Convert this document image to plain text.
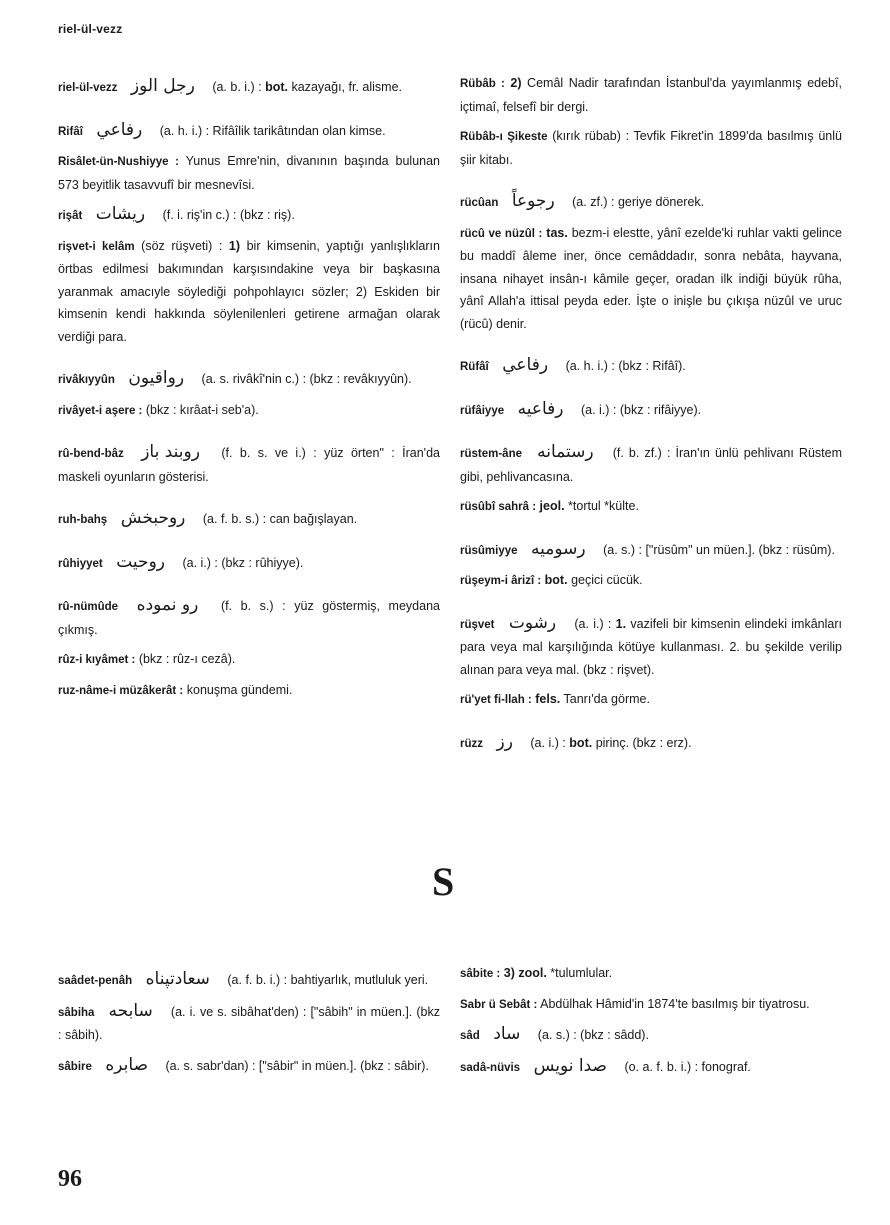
riel-ül-vezz
riel-ül-vezz رجل الوز (a. b. i.) : bot. kazayağı, fr. alisme.
Rifâî رفاعي (a. h. i.) : Rifâîlik tarikâtından olan kimse.
Risâlet-ün-Nushiyye : Yunus Emre'nin, divanının başında bulunan 573 beyitlik tasavvufî bir mesnevîsi.
rişât ريشات (f. i. riş'in c.) : (bkz : riş).
rişvet-i kelâm (söz rüşveti) : 1) bir kimsenin, yaptığı yanlışlıkların örtbas edilmesi bakımından karşısındakine veya bir başkasına yaranmak amacıyle söylediği pohpohlayıcı sözler; 2) Eskiden bir kimsenin kendi hakkında söylenilenleri getirene armağan olarak verdiği para.
rivâkıyyûn رواقيون (a. s. rivâkî'nin c.) : (bkz : revâkıyyûn).
rivâyet-i aşere : (bkz : kırâat-i seb'a).
rû-bend-bâz روبند باز (f. b. s. ve i.) : yüz örten" : İran'da maskeli oyunların gösterisi.
ruh-bahş روحبخش (a. f. b. s.) : can bağışlayan.
rûhiyyet روحيت (a. i.) : (bkz : rûhiyye).
rû-nümûde رو نموده (f. b. s.) : yüz göstermiş, meydana çıkmış.
rûz-i kıyâmet : (bkz : rûz-ı cezâ).
ruz-nâme-i müzâkerât : konuşma gündemi.
Rübâb : 2) Cemâl Nadir tarafından İstanbul'da yayımlanmış edebî, içtimaî, felsefî bir dergi.
Rübâb-ı Şikeste (kırık rübab) : Tevfik Fikret'in 1899'da basılmış ünlü şiir kitabı.
rücûan رجوعاً (a. zf.) : geriye dönerek.
rücû ve nüzûl : tas. bezm-i elestte, yânî ezelde'ki ruhlar vakti gelince bu maddî âleme iner, önce cemâddadır, sonra nebâta, hayvana, insana nihayet insân-ı kâmile geçer, oradan ilk indiği büyük rûha, yânî Allah'a ittisal peyda eder. İşte o inişle bu çıkışa nüzûl ve uruc (rücû) denir.
Rüfâî رفاعي (a. h. i.) : (bkz : Rifâî).
rüfâiyye رفاعيه (a. i.) : (bkz : rifâiyye).
rüstem-âne رستمانه (f. b. zf.) : İran'ın ünlü pehlivanı Rüstem gibi, pehlivancasına.
rüsûbî sahrâ : jeol. *tortul *külte.
rüsûmiyye رسوميه (a. s.) : ["rüsûm" un müen.]. (bkz : rüsûm).
rüşeym-i ârizî : bot. geçici cücük.
rüşvet رشوت (a. i.) : 1. vazifeli bir kimsenin elindeki imkânları para veya mal karşılığında kötüye kullanması. 2. bu şekilde verilip alınan para veya mal. (bkz : rişvet).
rü'yet fi-llah : fels. Tanrı'da görme.
rüzz رز (a. i.) : bot. pirinç. (bkz : erz).
S
saâdet-penâh سعادتپناه (a. f. b. i.) : bahtiyarlık, mutluluk yeri.
sâbiha سابحه (a. i. ve s. sibâhat'den) : ["sâbih" in müen.]. (bkz : sâbih).
sâbire صابره (a. s. sabr'dan) : ["sâbir" in müen.]. (bkz : sâbir).
sâbite : 3) zool. *tulumlular.
Sabr ü Sebât : Abdülhak Hâmid'in 1874'te basılmış bir tiyatrosu.
sâd ساد (a. s.) : (bkz : sâdd).
sadâ-nüvis صدا نويس (o. a. f. b. i.) : fonograf.
96
